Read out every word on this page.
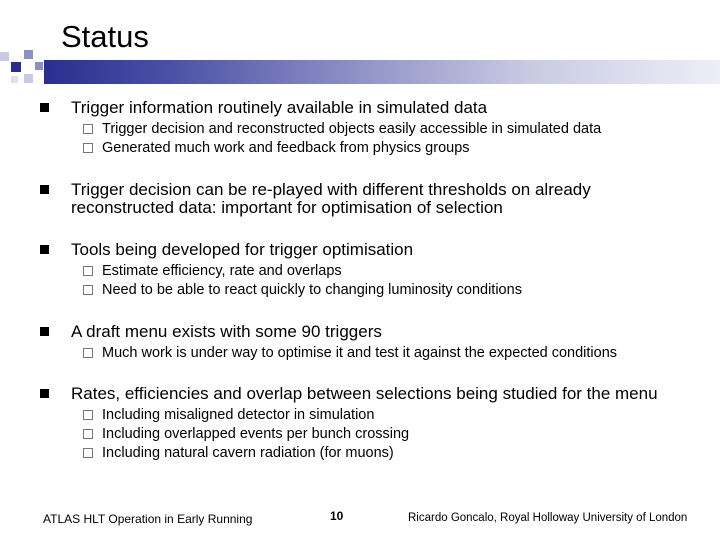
Status
Trigger information routinely available in simulated data
Trigger decision and reconstructed objects easily accessible in simulated data
Generated much work and feedback from physics groups
Trigger decision can be re-played with different thresholds on already reconstructed data: important for optimisation of selection
Tools being developed for trigger optimisation
Estimate efficiency, rate and overlaps
Need to be able to react quickly to changing luminosity conditions
A draft menu exists with some 90 triggers
Much work is under way to optimise it and test it against the expected conditions
Rates, efficiencies and overlap between selections being studied for the menu
Including misaligned detector in simulation
Including overlapped events per bunch crossing
Including natural cavern radiation (for muons)
ATLAS HLT Operation in Early Running	10	Ricardo Goncalo, Royal Holloway University of London
